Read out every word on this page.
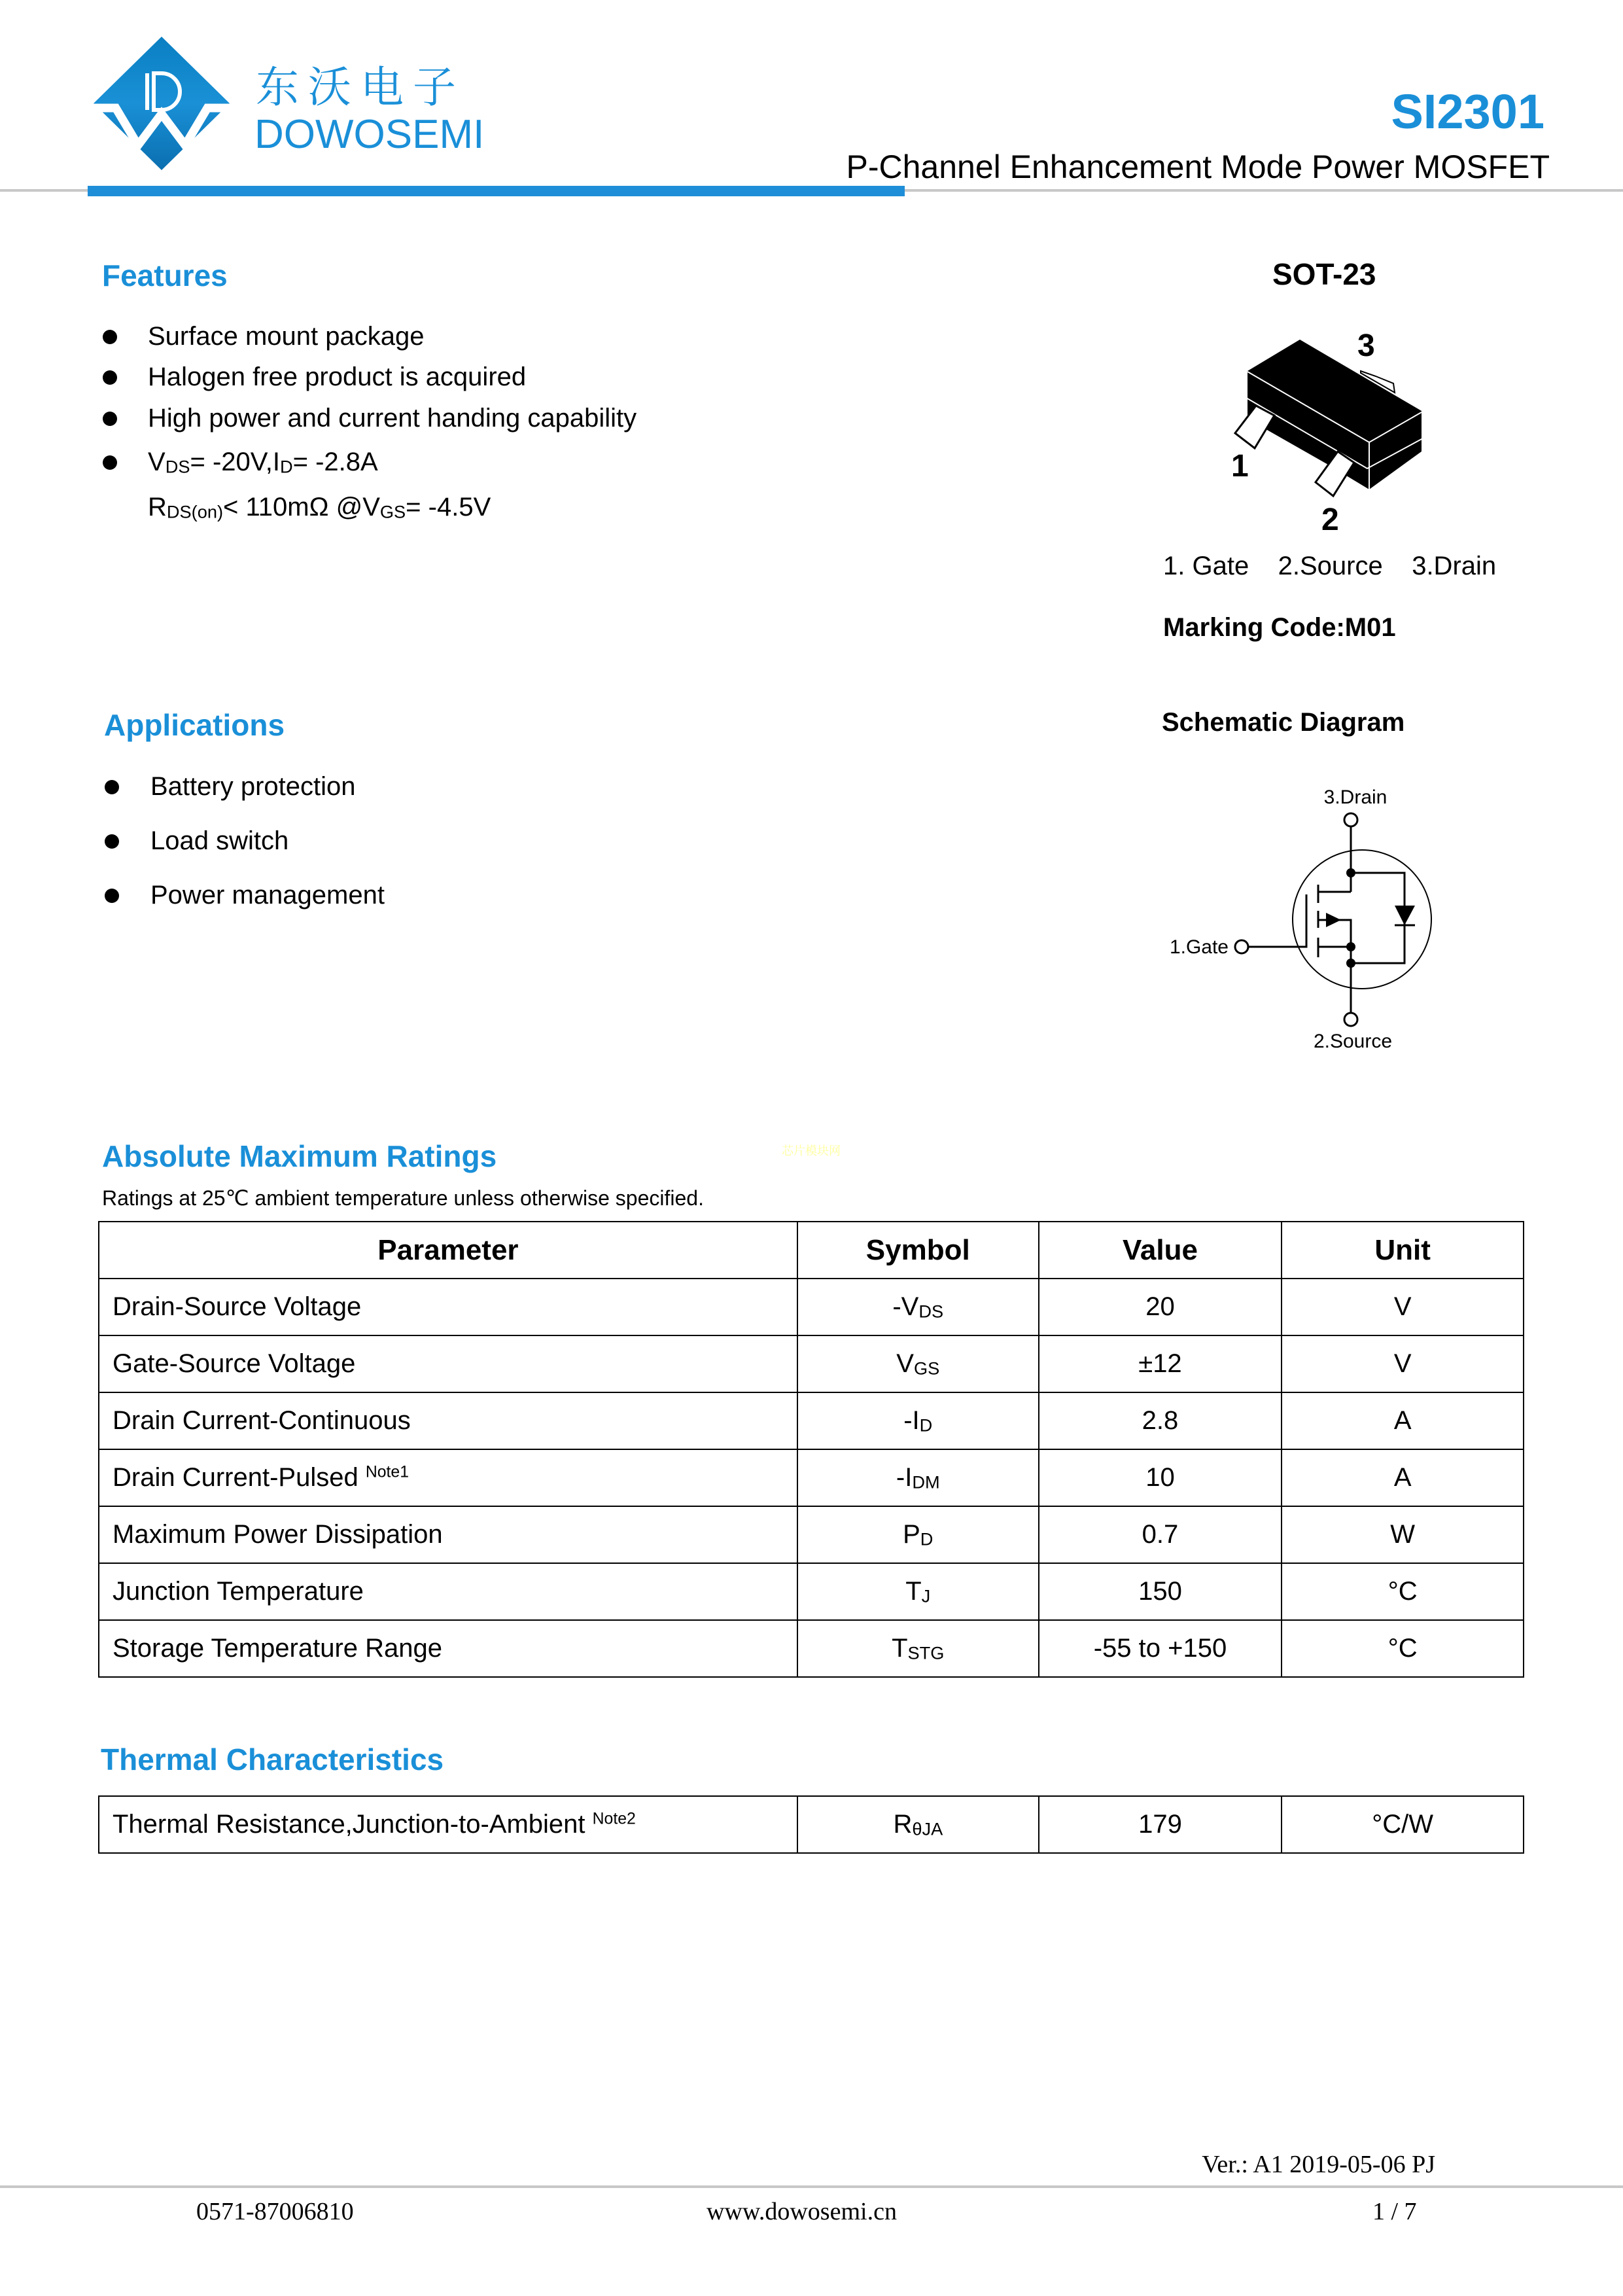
东沃电子
DOWOSEMI	SI2301
P-Channel Enhancement Mode Power MOSFET
Features
Surface mount package
Halogen free product is acquired
High power and current handing capability
$V_{DS}= -20V,I_D= -2.8A$
$R_{DS(on)}< 110m\Omega$ $@V_{GS}= -4.5V$
SOT-23
1
2
3
1. Gate    2.Source    3.Drain
Marking Code:M01
Applications
Battery protection
Load switch
Power management
Schematic Diagram
3.Drain
1.Gate
2.Source
Absolute Maximum Ratings	芯片模块网
Ratings at 25℃ ambient temperature unless otherwise specified.
Parameter	Symbol	Value	Unit
Drain-Source Voltage	$-V_{DS}$	20	V
Gate-Source Voltage	$V_{GS}$	±12	V
Drain Current-Continuous	$-I_D$	2.8	A
Drain Current-Pulsed $^{Note1}$	$-I_{DM}$	10	A
Maximum Power Dissipation	$P_D$	0.7	W
Junction Temperature	$T_J$	150	°C
Storage Temperature Range	$T_{STG}$	-55 to +150	°C
Thermal Characteristics
Thermal Resistance,Junction-to-Ambient $^{Note2}$	$R_{\theta JA}$	179	°C/W
Ver.: A1 2019-05-06 PJ
0571-87006810	www.dowosemi.cn	1 / 7
